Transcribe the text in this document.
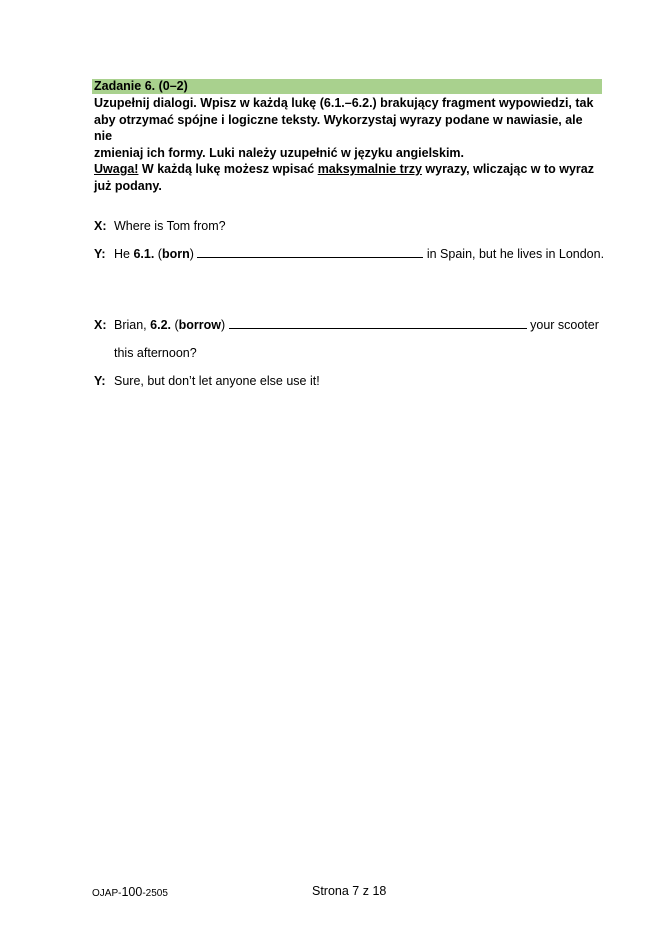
Zadanie 6. (0–2)

Uzupełnij dialogi. Wpisz w każdą lukę (6.1.–6.2.) brakujący fragment wypowiedzi, tak

aby otrzymać spójne i logiczne teksty. Wykorzystaj wyrazy podane w nawiasie, ale nie

zmieniaj ich formy. Luki należy uzupełnić w języku angielskim.

Uwaga! W każdą lukę możesz wpisać maksymalnie trzy wyrazy, wliczając w to wyraz

już podany.

X: Where is Tom from?
Y: He 6.1. (born)	in Spain, but he lives in London.
X: Brian, 6.2. (borrow)	your scooter
this afternoon?
Y: Sure, but don’t let anyone else use it!
OJAP-100-2505	Strona 7 z 18
